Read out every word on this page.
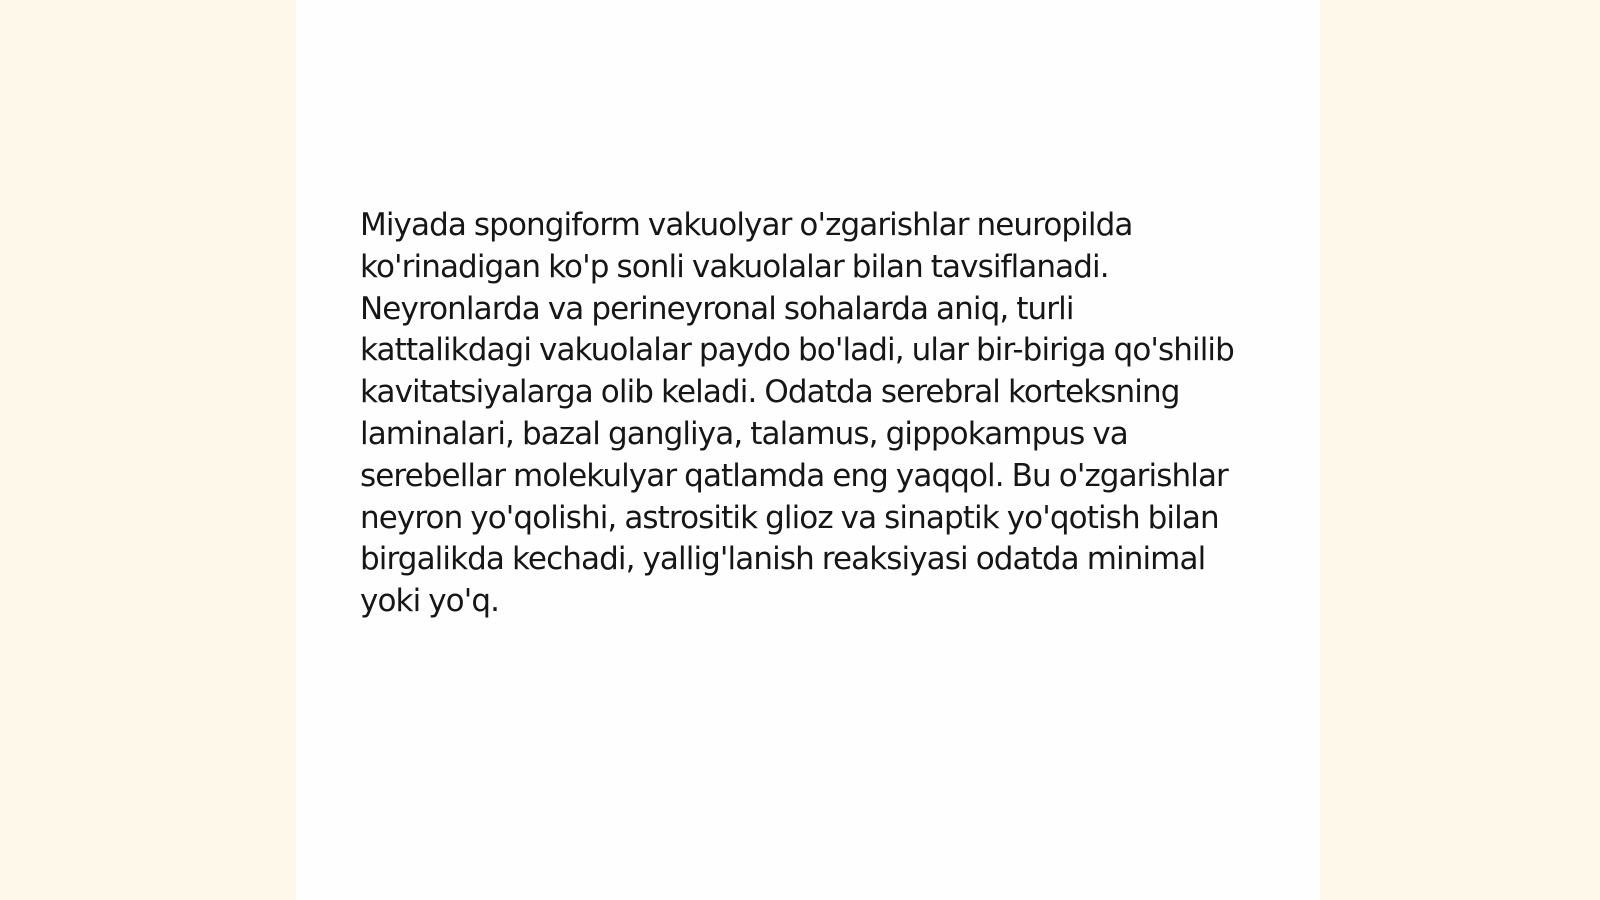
Miyada spongiform vakuolyar o'zgarishlar neuropilda ko'rinadigan ko'p sonli vakuolalar bilan tavsiflanadi. Neyronlarda va perineyronal sohalarda aniq, turli kattalikdagi vakuolalar paydo bo'ladi, ular bir-biriga qo'shilib kavitatsiyalarga olib keladi. Odatda serebral korteksning laminalari, bazal gangliya, talamus, gippokampus va serebellar molekulyar qatlamda eng yaqqol. Bu o'zgarishlar neyron yo'qolishi, astrositik glioz va sinaptik yo'qotish bilan birgalikda kechadi, yallig'lanish reaksiyasi odatda minimal yoki yo'q.
